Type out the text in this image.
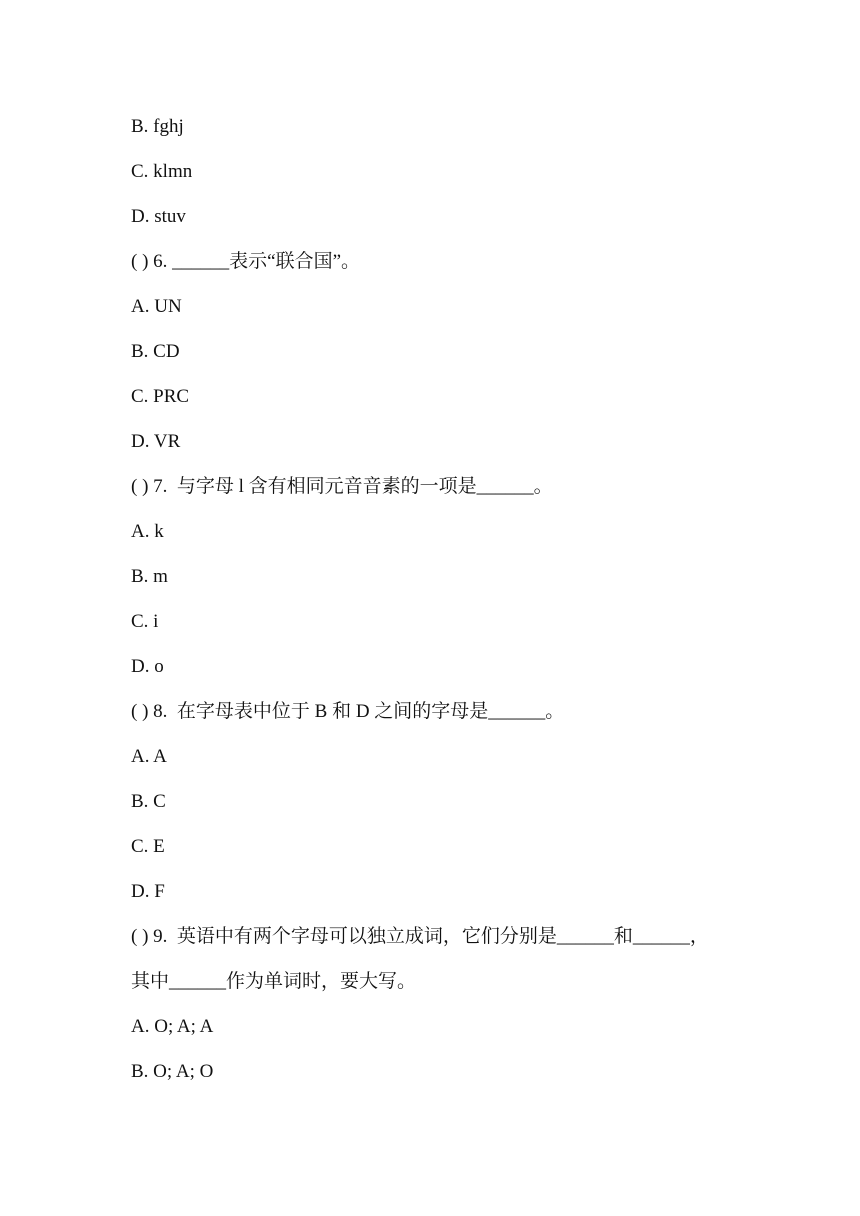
B. fghj
C. klmn
D. stuv
( ) 6. ______表示“联合国”。
A. UN
B. CD
C. PRC
D. VR
( ) 7.  与字母 l 含有相同元音音素的一项是______。
A. k
B. m
C. i
D. o
( ) 8.  在字母表中位于 B 和 D 之间的字母是______。
A. A
B. C
C. E
D. F
( ) 9.  英语中有两个字母可以独立成词，它们分别是______和______，
其中______作为单词时，要大写。
A. O; A; A
B. O; A; O
